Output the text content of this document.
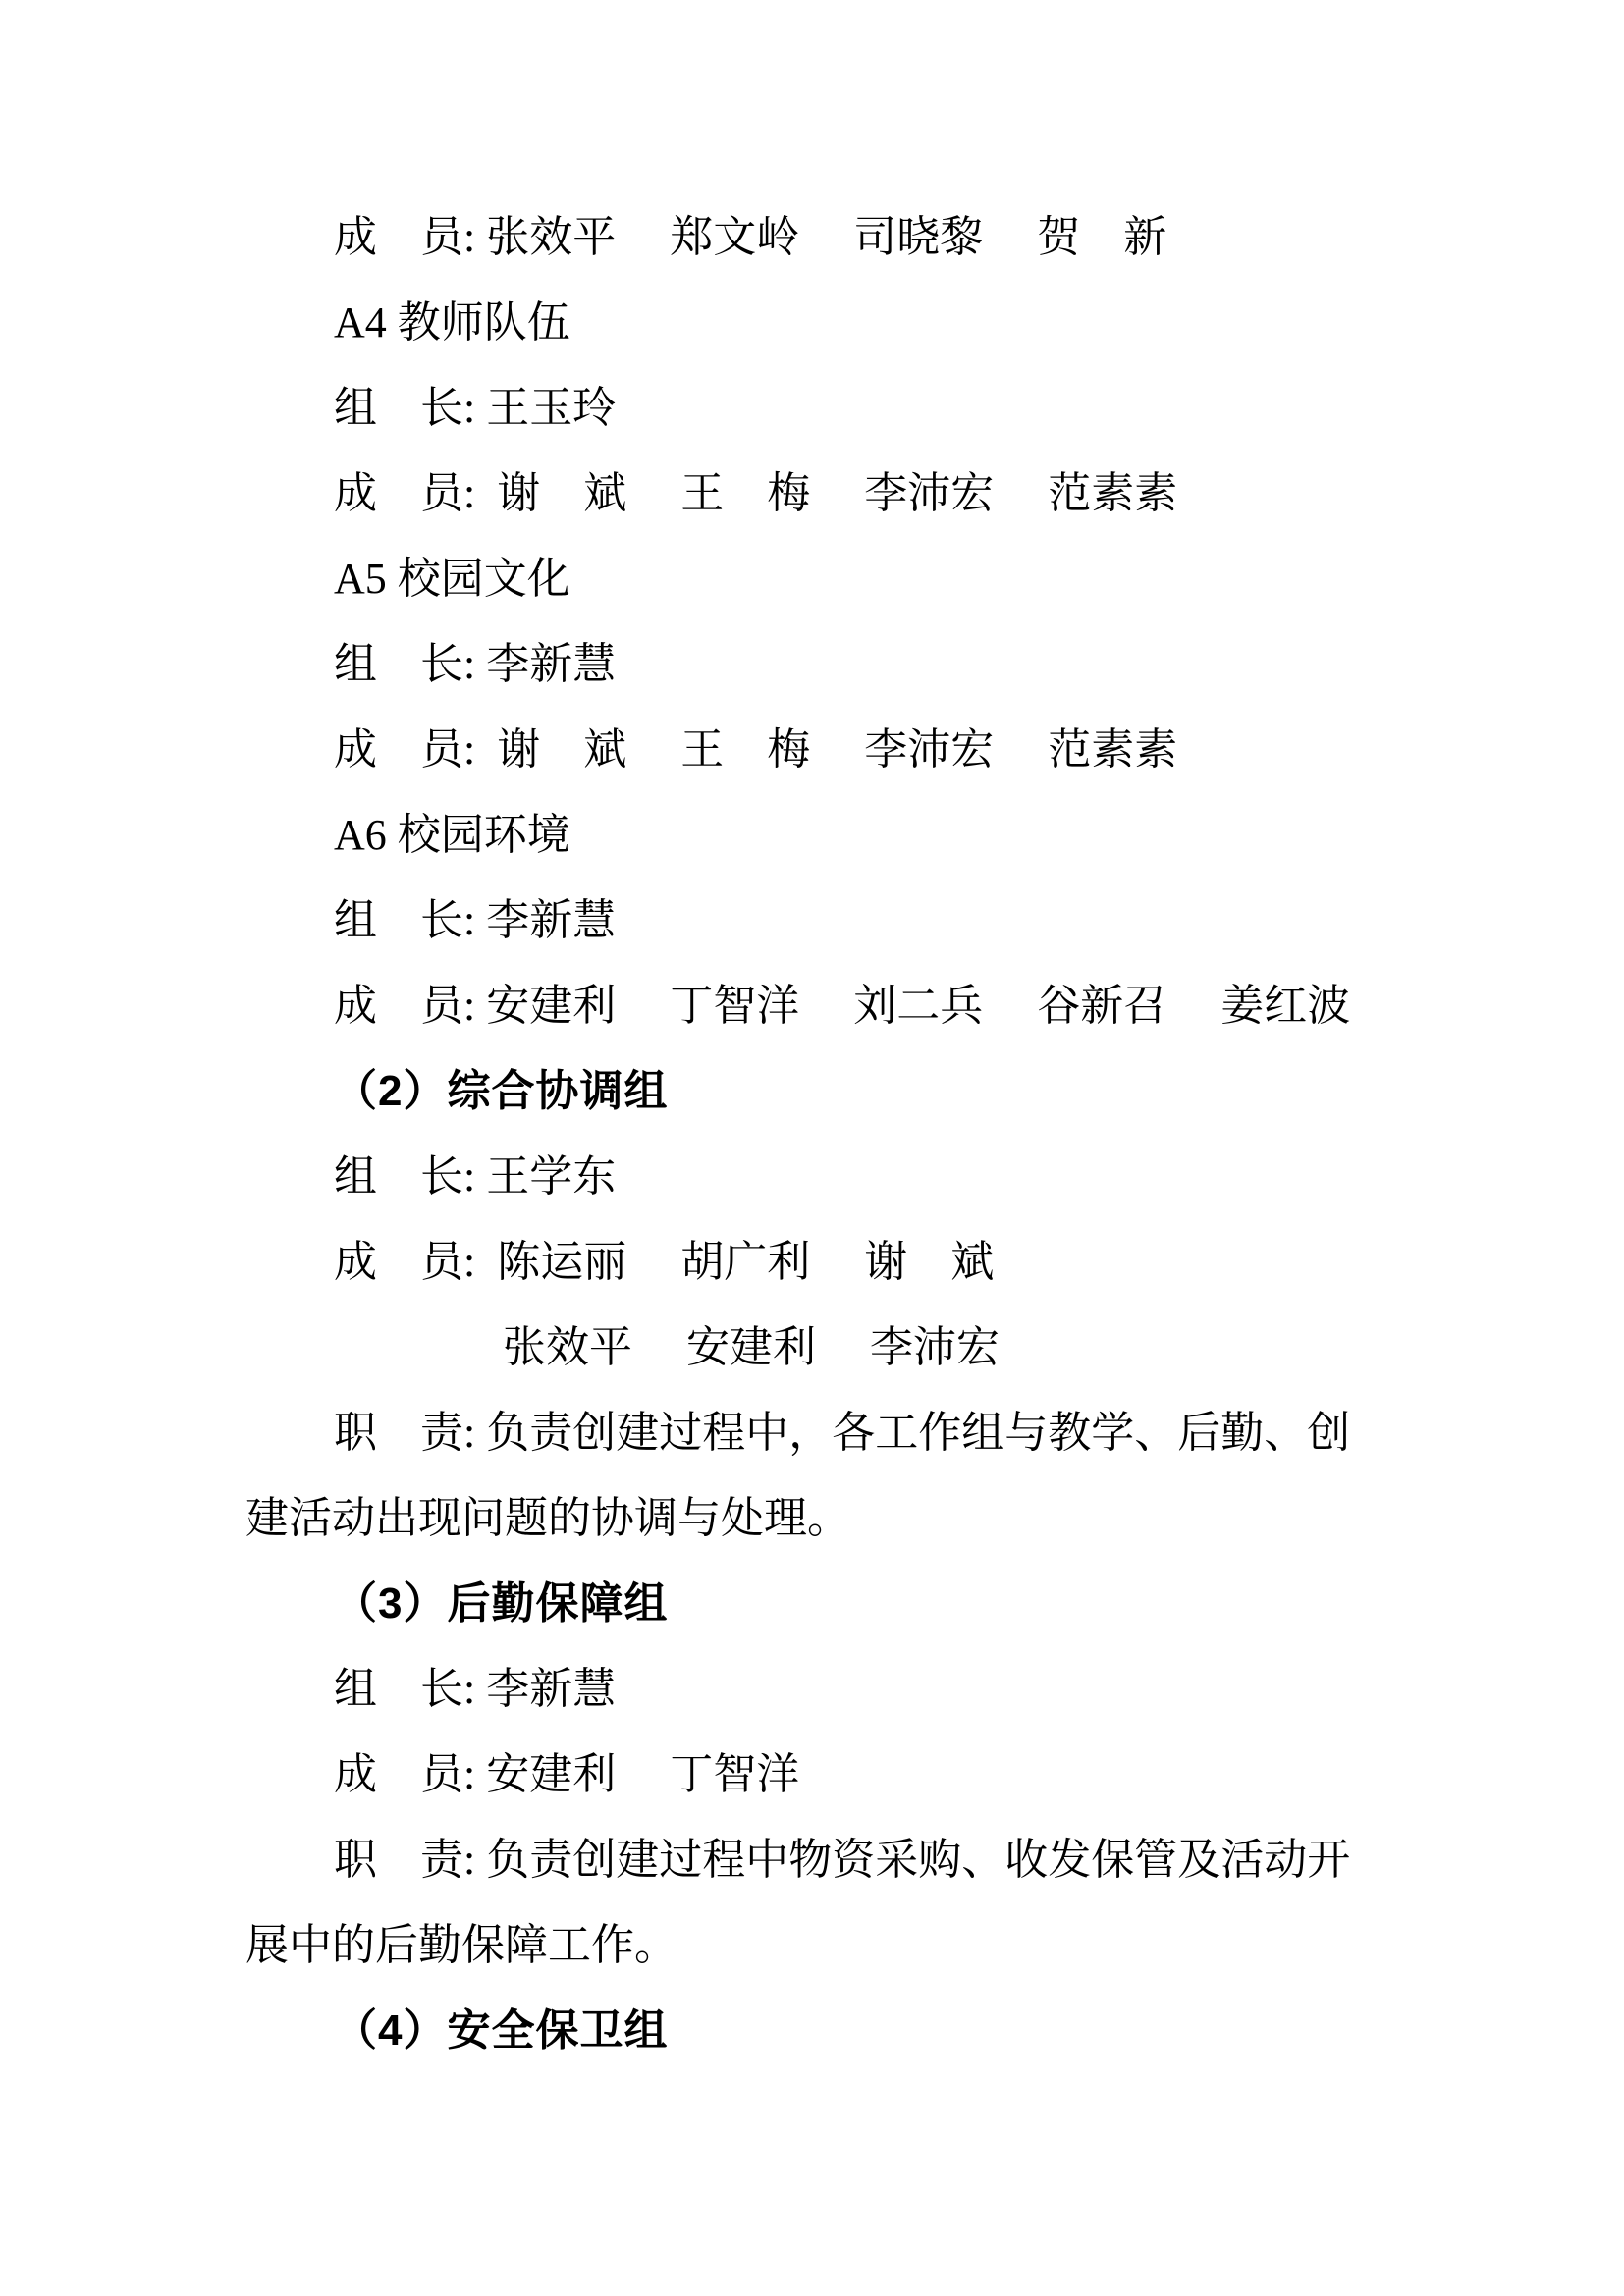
成　员: 张效平　 郑文岭　 司晓黎　 贺　新
A4 教师队伍
组　长: 王玉玲
成　员:  谢　斌　 王　梅　 李沛宏　 范素素
A5 校园文化
组　长: 李新慧
成　员:  谢　斌　 王　梅　 李沛宏　 范素素
A6 校园环境
组　长: 李新慧
成　员: 安建利　 丁智洋　 刘二兵　 谷新召　 姜红波
（2）综合协调组
组　长: 王学东
成　员:  陈运丽　 胡广利　 谢　斌
张效平　 安建利　 李沛宏
职　责: 负责创建过程中，各工作组与教学、后勤、创
建活动出现问题的协调与处理。
（3）后勤保障组
组　长: 李新慧
成　员: 安建利　 丁智洋
职　责: 负责创建过程中物资采购、收发保管及活动开
展中的后勤保障工作。
（4）安全保卫组
